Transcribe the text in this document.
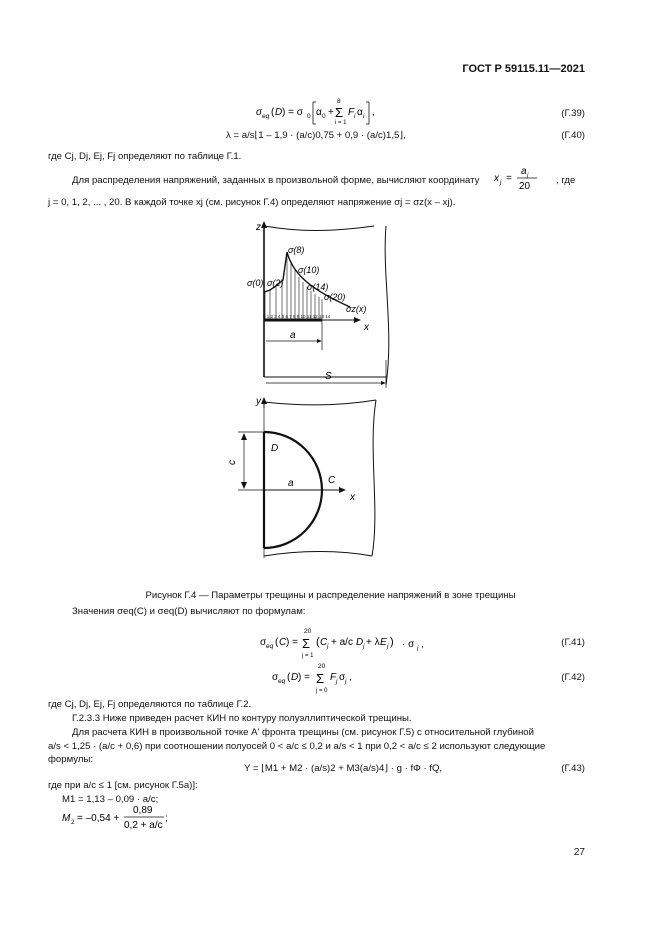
ГОСТ Р 59115.11—2021
σ eq ( D ) = σ 0 α 0 +
8
Σ
i = 1
F i α i ,	(Г.39)
λ = a/s⌊1 – 1,9 · (a/c)0,75 + 0,9 · (a/c)1,5⌋,	(Г.40)
где Cj, Dj, Ej, Fj определяют по таблице Г.1.
Для распределения напряжений, заданных в произвольной форме, вычисляют координату x j =
a j
20
, где
j = 0, 1, 2, ... , 20. В каждой точке xj (см. рисунок Г.4) определяют напряжение σj = σz(x – xj).
z
x
0 1 2 3 4 5 6 7 8 9 10 11 12 13 14
σ(0) σ(2)
σ(8)
σ(10)
σ(14)
σ(20)
σz(x)
a
S
y
x
D
C
c
a
Рисунок Г.4 — Параметры трещины и распределение напряжений в зоне трещины
Значения σeq(C) и σeq(D) вычисляют по формулам:
σ eq ( C ) =
20
Σ
j = 1
( C j + a/c D j + λ E j ) · σ j ,	(Г.41)
σ eq ( D ) =
20
Σ
j = 0
F j σ j ,	(Г.42)
где Cj, Dj, Ej, Fj определяются по таблице Г.2.
Г.2.3.3 Ниже приведен расчет КИН по контуру полуэллиптической трещины.
Для расчета КИН в произвольной точке A' фронта трещины (см. рисунок Г.5) с относительной глубиной
a/s < 1,25 · (a/c + 0,6) при соотношении полуосей 0 < a/c ≤ 0,2 и a/s < 1 при 0,2 < a/c ≤ 2 используют следующие
формулы:
Y = ⌊M1 + M2 · (a/s)2 + M3(a/s)4⌋ · g · fΦ · fQ,	(Г.43)
где при a/c ≤ 1 [см. рисунок Г.5а)]:
M1 = 1,13 – 0,09 · a/c;
M 2 = –0,54 +
0,89
0,2 + a/c
;
27
